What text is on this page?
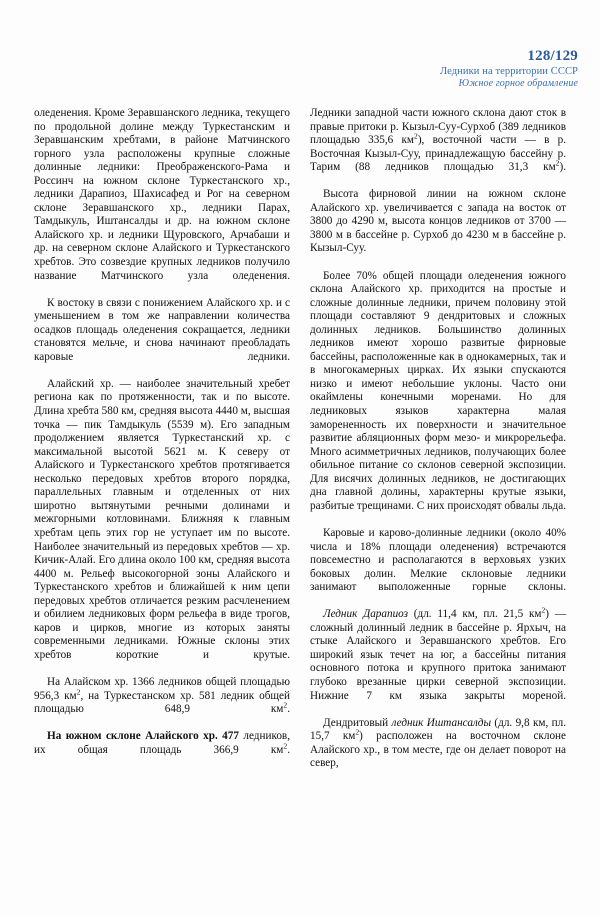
128/129
Ледники на территории СССР
Южное горное обрамление

оледенения. Кроме Зеравшанского ледника, текущего по продольной долине между Туркестанским и Зеравшанским хребтами, в районе Матчинского горного узла расположены крупные сложные долинные ледники: Преображенского-Рама и Россинч на южном склоне Туркестанского хр., ледники Дарапиоз, Шахисафед и Рог на северном склоне Зеравшанского хр., ледники Парах, Тамдыкуль, Иштансалды и др. на южном склоне Алайского хр. и ледники Щуровского, Арчабаши и др. на северном склоне Алайского и Туркестанского хребтов. Это созвездие крупных ледников получило название Матчинского узла оледенения.

К востоку в связи с понижением Алайского хр. и с уменьшением в том же направлении количества осадков площадь оледенения сокращается, ледники становятся мельче, и снова начинают преобладать каровые ледники.

Алайский хр. — наиболее значительный хребет региона как по протяженности, так и по высоте. Длина хребта 580 км, средняя высота 4440 м, высшая точка — пик Тамдыкуль (5539 м). Его западным продолжением является Туркестанский хр. с максимальной высотой 5621 м. К северу от Алайского и Туркестанского хребтов протягивается несколько передовых хребтов второго порядка, параллельных главным и отделенных от них широтно вытянутыми речными долинами и межгорными котловинами. Ближняя к главным хребтам цепь этих гор не уступает им по высоте. Наиболее значительный из передовых хребтов — хр. Кичик-Алай. Его длина около 100 км, средняя высота 4400 м. Рельеф высокогорной зоны Алайского и Туркестанского хребтов и ближайшей к ним цепи передовых хребтов отличается резким расчленением и обилием ледниковых форм рельефа в виде трогов, каров и цирков, многие из которых заняты современными ледниками. Южные склоны этих хребтов короткие и крутые.

На Алайском хр. 1366 ледников общей площадью 956,3 $км^2$, на Туркестанском хр. 581 ледник общей площадью 648,9 $км^2$.

На южном склоне Алайского хр. 477 ледников, их общая площадь 366,9 $км^2$.

Ледники западной части южного склона дают сток в правые притоки р. Кызыл-Суу-Сурхоб (389 ледников площадью 335,6 $км^2$), восточной части — в р. Восточная Кызыл-Суу, принадлежащую бассейну р. Тарим (88 ледников площадью 31,3 $км^2$).

Высота фирновой линии на южном склоне Алайского хр. увеличивается с запада на восток от 3800 до 4290 м, высота концов ледников от 3700 — 3800 м в бассейне р. Сурхоб до 4230 м в бассейне р. Кызыл-Суу.

Более 70% общей площади оледенения южного склона Алайского хр. приходится на простые и сложные долинные ледники, причем половину этой площади составляют 9 дендритовых и сложных долинных ледников. Большинство долинных ледников имеют хорошо развитые фирновые бассейны, расположенные как в однокамерных, так и в многокамерных цирках. Их языки спускаются низко и имеют небольшие уклоны. Часто они окаймлены конечными моренами. Но для ледниковых языков характерна малая заморененность их поверхности и значительное развитие абляционных форм мезо- и микрорельефа. Много асимметричных ледников, получающих более обильное питание со склонов северной экспозиции. Для висячих долинных ледников, не достигающих дна главной долины, характерны крутые языки, разбитые трещинами. С них происходят обвалы льда.

Каровые и карово-долинные ледники (около 40% числа и 18% площади оледенения) встречаются повсеместно и располагаются в верховьях узких боковых долин. Мелкие склоновые ледники занимают выположенные горные склоны.

Ледник Дарапиоз (дл. 11,4 км, пл. 21,5 $км^2$) — сложный долинный ледник в бассейне р. Ярхыч, на стыке Алайского и Зеравшанского хребтов. Его широкий язык течет на юг, а бассейны питания основного потока и крупного притока занимают глубоко врезанные цирки северной экспозиции. Нижние 7 км языка закрыты мореной.

Дендритовый ледник Иштансалды (дл. 9,8 км, пл. 15,7 $км^2$) расположен на восточном склоне Алайского хр., в том месте, где он делает поворот на север,
